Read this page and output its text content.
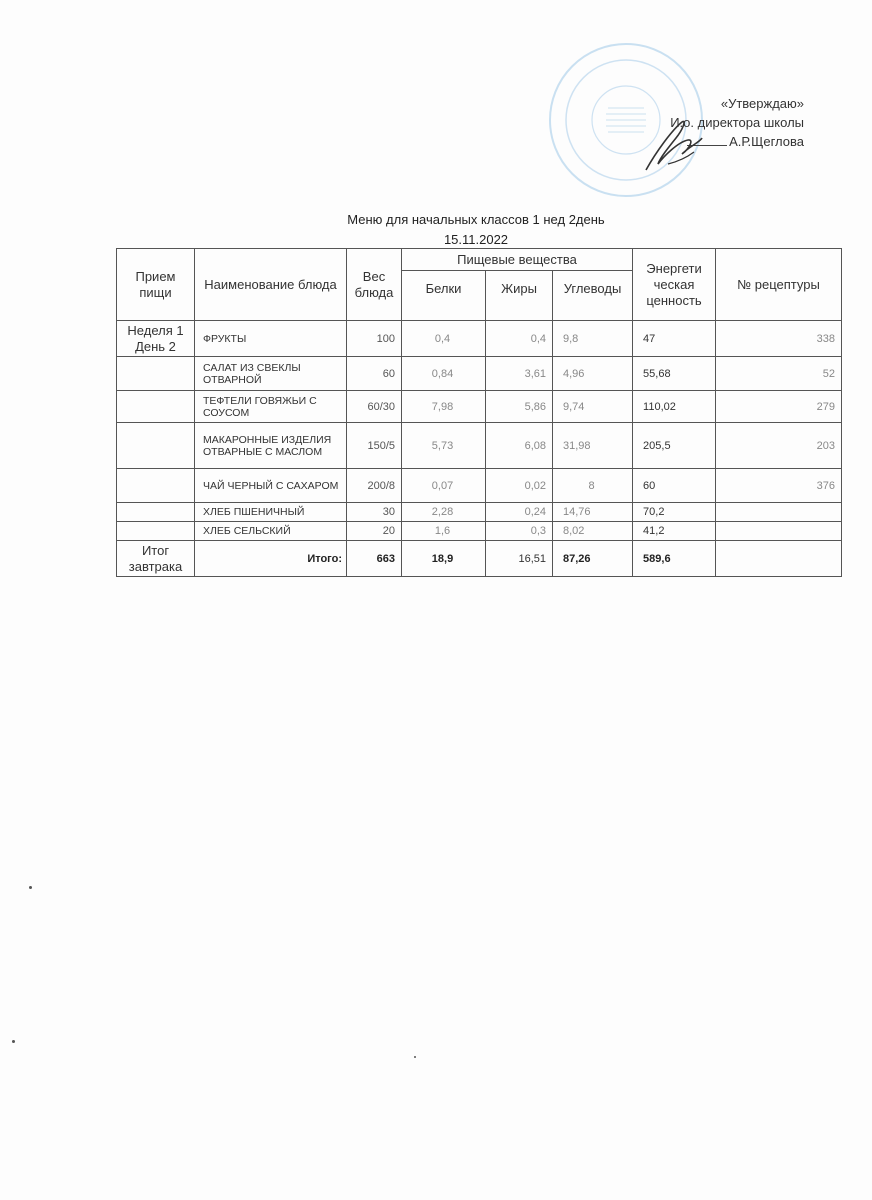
«Утверждаю»
И.о. директора школы
А.Р.Щеглова
Меню для начальных классов 1 нед 2день
15.11.2022
Прием пищи	Наименование блюда	Вес блюда	Пищевые вещества			Энергети ческая ценность	№ рецептуры
			Белки	Жиры	Углеводы		
Неделя 1 День 2	ФРУКТЫ	100	0,4	0,4	9,8	47	338
	САЛАТ ИЗ СВЕКЛЫ ОТВАРНОЙ	60	0,84	3,61	4,96	55,68	52
	ТЕФТЕЛИ ГОВЯЖЬИ С СОУСОМ	60/30	7,98	5,86	9,74	110,02	279
	МАКАРОННЫЕ ИЗДЕЛИЯ ОТВАРНЫЕ С МАСЛОМ	150/5	5,73	6,08	31,98	205,5	203
	ЧАЙ ЧЕРНЫЙ С САХАРОМ	200/8	0,07	0,02	8	60	376
	ХЛЕБ ПШЕНИЧНЫЙ	30	2,28	0,24	14,76	70,2	
	ХЛЕБ СЕЛЬСКИЙ	20	1,6	0,3	8,02	41,2	
Итог завтрака	Итого:	663	18,9	16,51	87,26	589,6	
